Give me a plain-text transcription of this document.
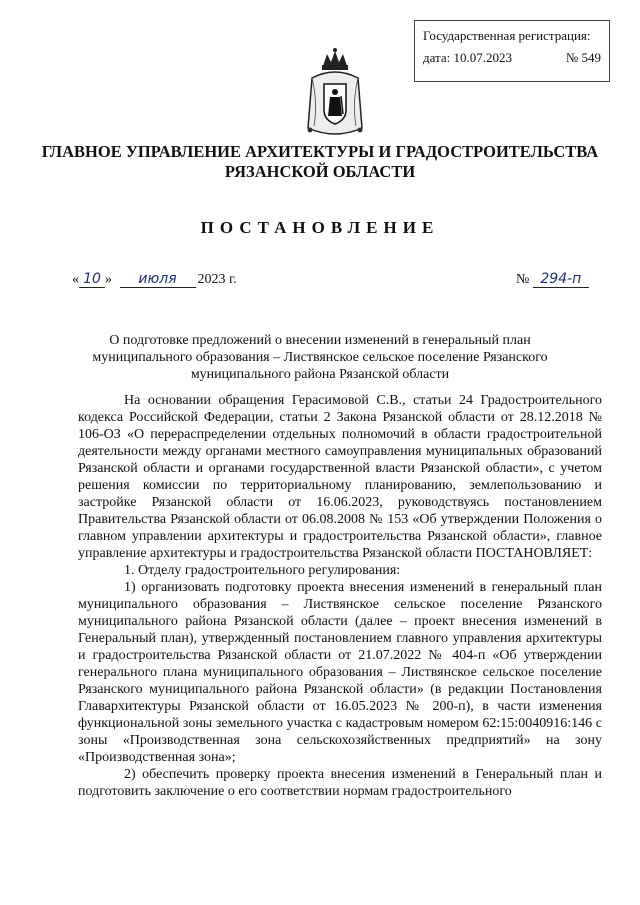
Государственная регистрация:
дата: 10.07.2023	№ 549
ГЛАВНОЕ УПРАВЛЕНИЕ АРХИТЕКТУРЫ И ГРАДОСТРОИТЕЛЬСТВА
РЯЗАНСКОЙ ОБЛАСТИ
ПОСТАНОВЛЕНИЕ
« 10 » июля 2023 г.	№ 294-п
О подготовке предложений о внесении изменений в генеральный план муниципального образования – Листвянское сельское поселение Рязанского муниципального района Рязанской области

На основании обращения Герасимовой С.В., статьи 24 Градостроительного кодекса Российской Федерации, статьи 2 Закона Рязанской области от 28.12.2018 № 106-ОЗ «О перераспределении отдельных полномочий в области градостроительной деятельности между органами местного самоуправления муниципальных образований Рязанской области и органами государственной власти Рязанской области», с учетом решения комиссии по территориальному планированию, землепользованию и застройке Рязанской области от 16.06.2023, руководствуясь постановлением Правительства Рязанской области от 06.08.2008 № 153 «Об утверждении Положения о главном управлении архитектуры и градостроительства Рязанской области», главное управление архитектуры и градостроительства Рязанской области ПОСТАНОВЛЯЕТ:

1. Отделу градостроительного регулирования:

1) организовать подготовку проекта внесения изменений в генеральный план муниципального образования – Листвянское сельское поселение Рязанского муниципального района Рязанской области (далее – проект внесения изменений в Генеральный план), утвержденный постановлением главного управления архитектуры и градостроительства Рязанской области от 21.07.2022 № 404-п «Об утверждении генерального плана муниципального образования – Листвянское сельское поселение Рязанского муниципального района Рязанской области» (в редакции Постановления Главархитектуры Рязанской области от 16.05.2023 № 200-п), в части изменения функциональной зоны земельного участка с кадастровым номером 62:15:0040916:146 с зоны «Производственная зона сельскохозяйственных предприятий» на зону «Производственная зона»;

2) обеспечить проверку проекта внесения изменений в Генеральный план и подготовить заключение о его соответствии нормам градостроительного
